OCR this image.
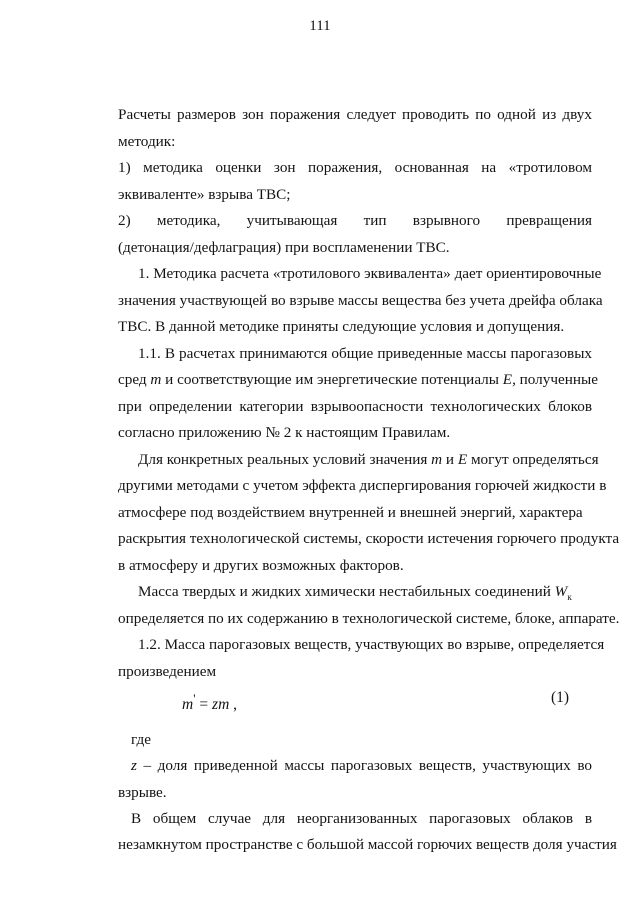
111
Расчеты размеров зон поражения следует проводить по одной из двух
методик:
1) методика оценки зон поражения, основанная на «тротиловом
эквиваленте» взрыва ТВС;
2) методика, учитывающая тип взрывного превращения
(детонация/дефлаграция) при воспламенении ТВС.
1. Методика расчета «тротилового эквивалента» дает ориентировочные
значения участвующей во взрыве массы вещества без учета дрейфа облака
ТВС. В данной методике приняты следующие условия и допущения.
1.1. В расчетах принимаются общие приведенные массы парогазовых
сред m и соответствующие им энергетические потенциалы E, полученные
при определении категории взрывоопасности технологических блоков
согласно приложению № 2 к настоящим Правилам.
Для конкретных реальных условий значения m и E могут определяться
другими методами с учетом эффекта диспергирования горючей жидкости в
атмосфере под воздействием внутренней и внешней энергий, характера
раскрытия технологической системы, скорости истечения горючего продукта
в атмосферу и других возможных факторов.
Масса твердых и жидких химически нестабильных соединений $W_к$
определяется по их содержанию в технологической системе, блоке, аппарате.
1.2. Масса парогазовых веществ, участвующих во взрыве, определяется
произведением
m' = zm ,	(1)
где
z – доля приведенной массы парогазовых веществ, участвующих во
взрыве.
В общем случае для неорганизованных парогазовых облаков в
незамкнутом пространстве с большой массой горючих веществ доля участия
